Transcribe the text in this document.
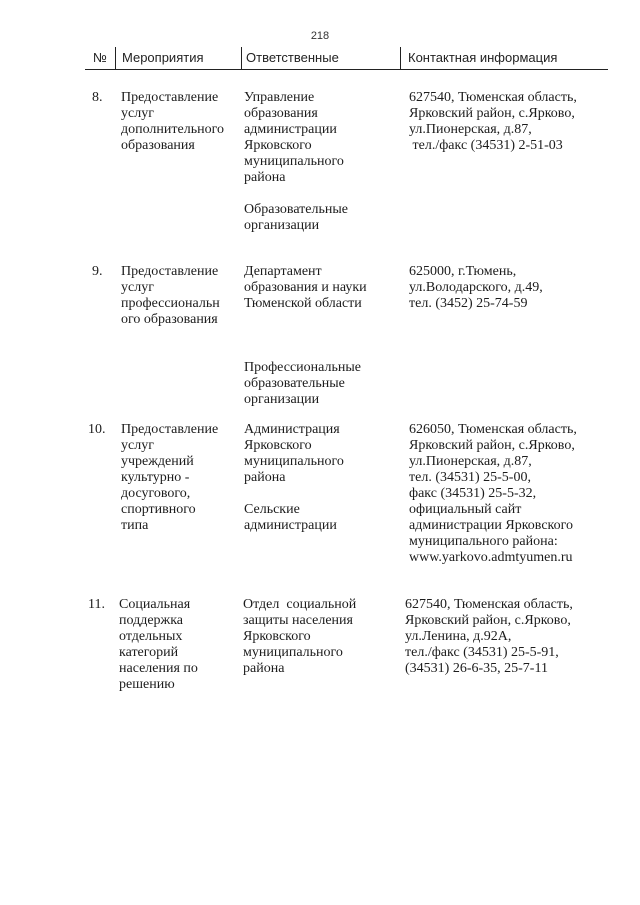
218
№ Мероприятия	Ответственные	Контактная информация
8. Предоставление
услуг
дополнительного
образования
Управление
образования
администрации
Ярковского
муниципального
района
Образовательные
организации
627540, Тюменская область,
Ярковский район, с.Ярково,
ул.Пионерская, д.87,
тел./факс (34531) 2-51-03
9. Предоставление
услуг
профессиональн
ого образования
Департамент
образования и науки
Тюменской области
Профессиональные
образовательные
организации
625000, г.Тюмень,
ул.Володарского, д.49,
тел. (3452) 25-74-59
10. Предоставление
услуг
учреждений
культурно -
досугового,
спортивного
типа
Администрация
Ярковского
муниципального
района
Сельские
администрации
626050, Тюменская область,
Ярковский район, с.Ярково,
ул.Пионерская, д.87,
тел. (34531) 25-5-00,
факс (34531) 25-5-32,
официальный сайт
администрации Ярковского
муниципального района:
www.yarkovo.admtyumen.ru
11. Социальная
поддержка
отдельных
категорий
населения по
решению
Отдел  социальной
защиты населения
Ярковского
муниципального
района
627540, Тюменская область,
Ярковский район, с.Ярково,
ул.Ленина, д.92А,
тел./факс (34531) 25-5-91,
(34531) 26-6-35, 25-7-11
